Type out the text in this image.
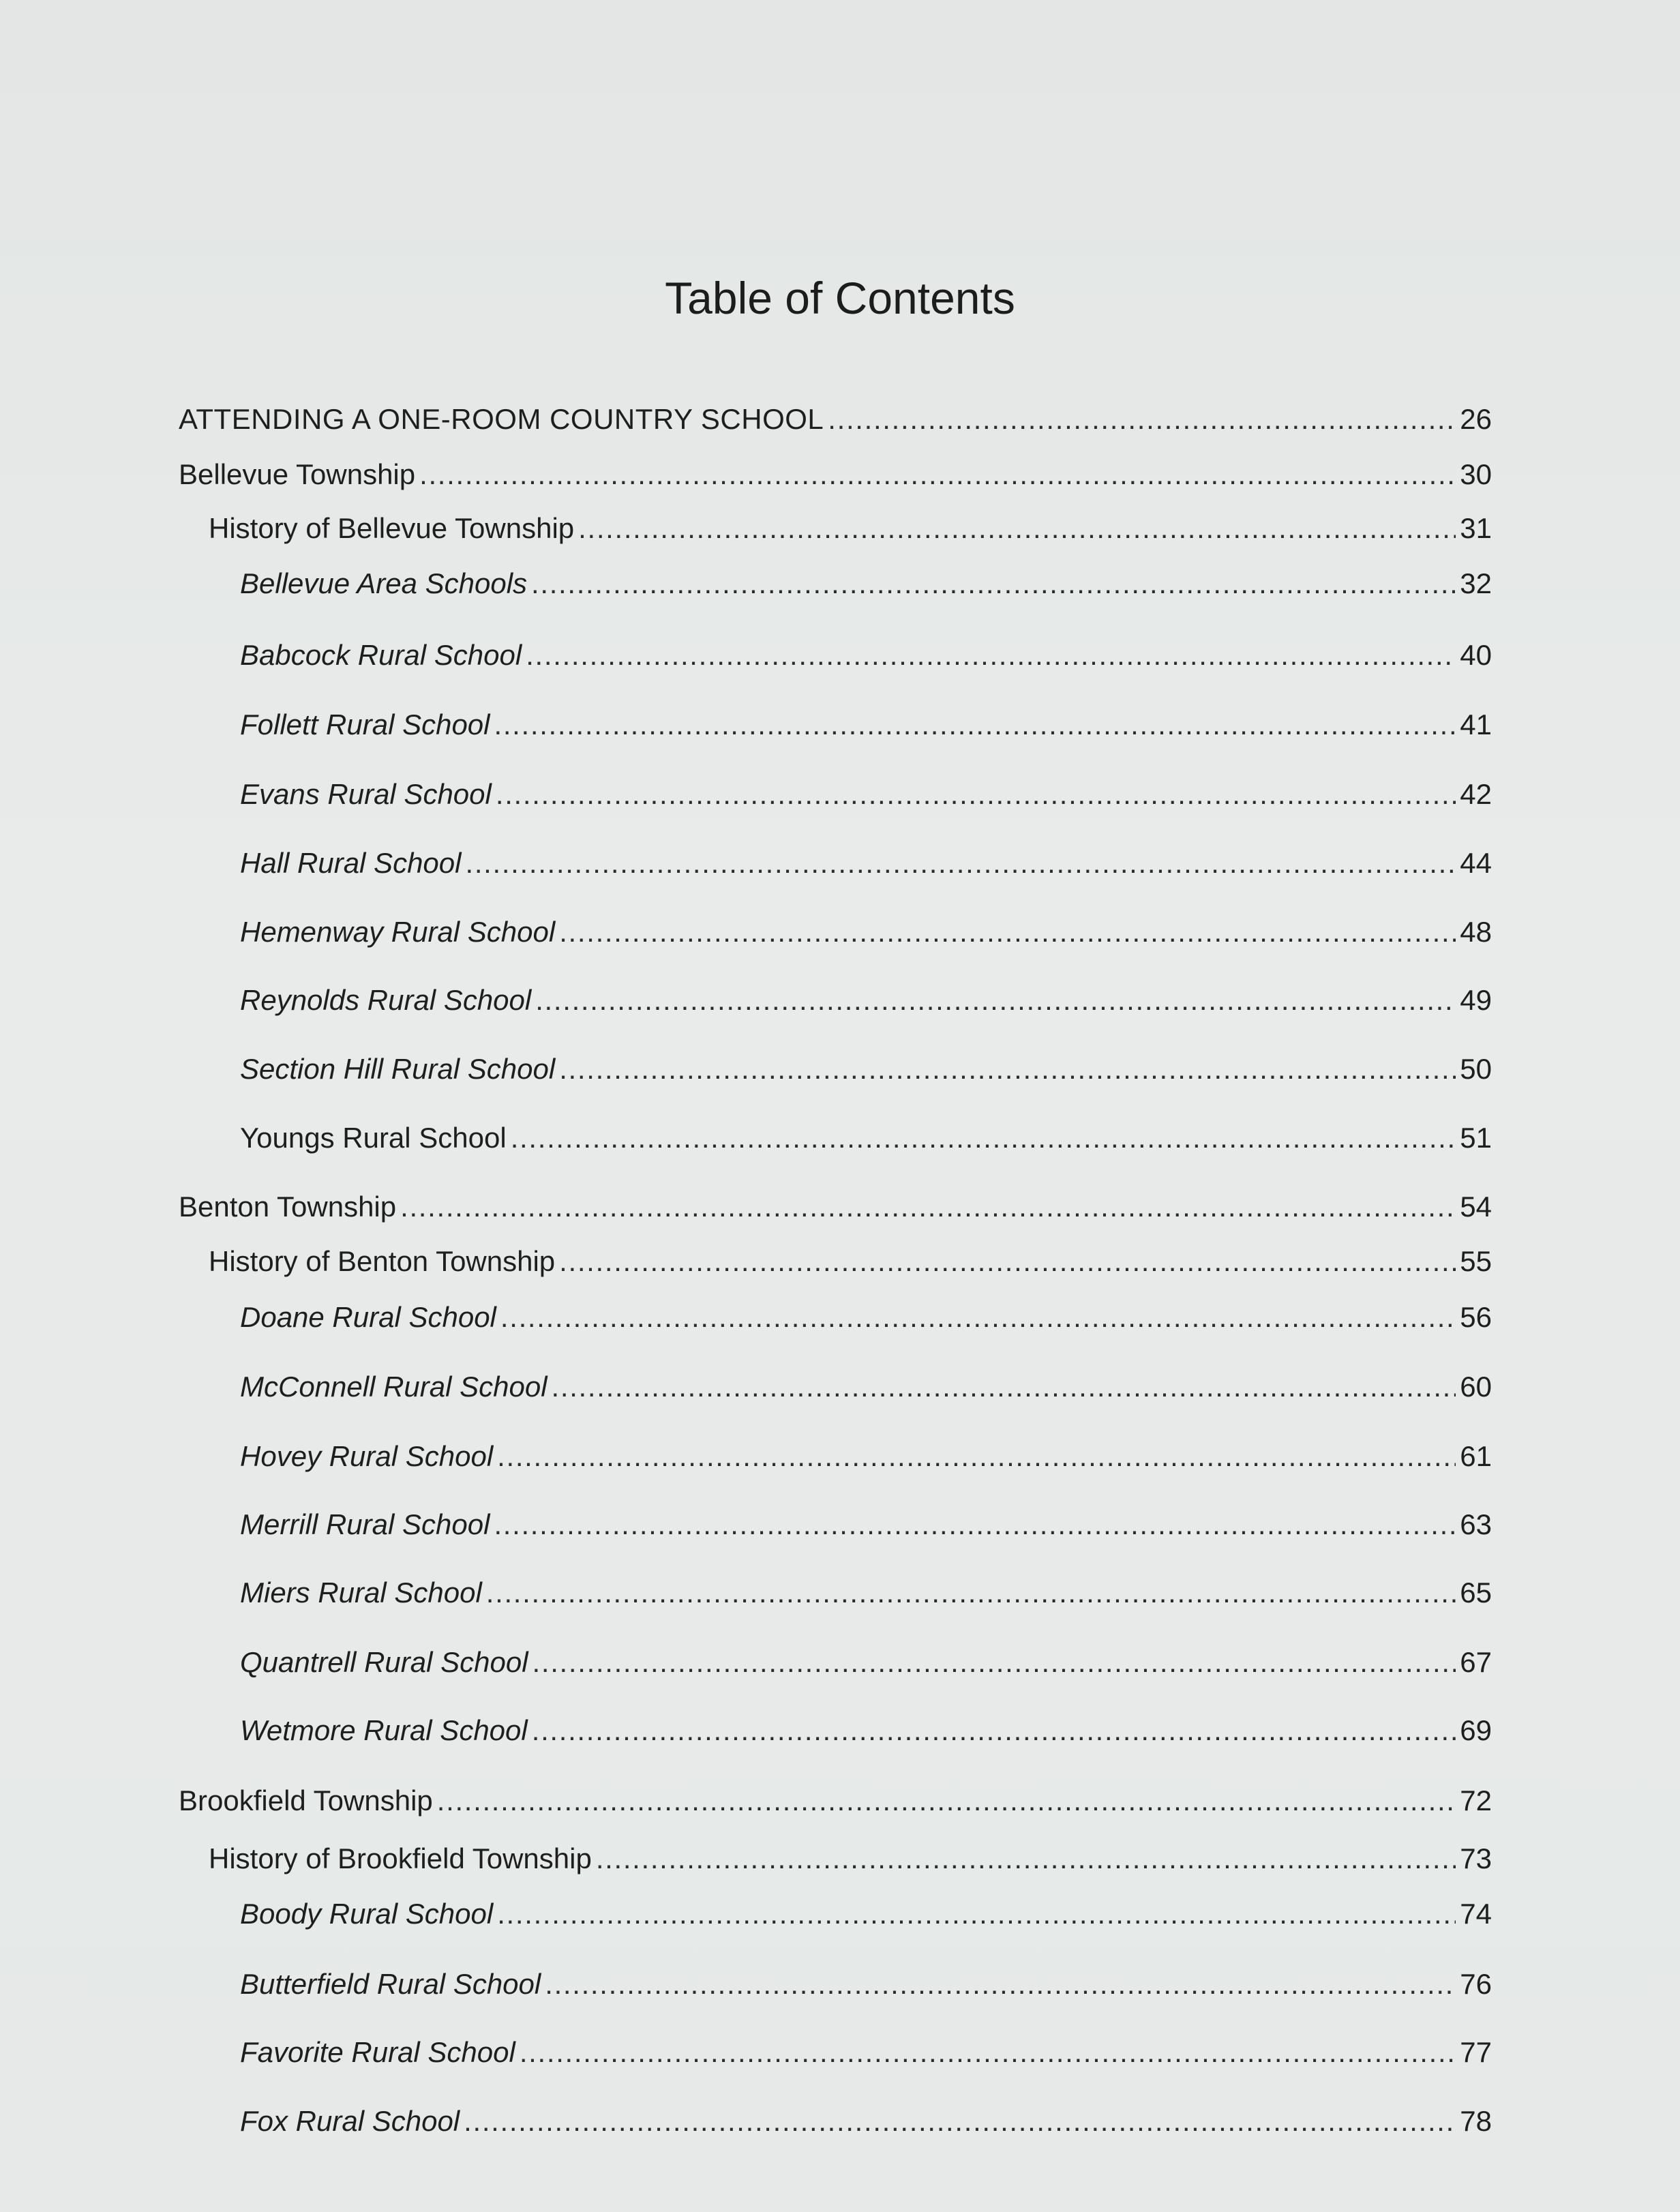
Table of Contents
ATTENDING A ONE-ROOM COUNTRY SCHOOL . . .	26
Bellevue Township . . .	30
History of Bellevue Township . . .	31
Bellevue Area Schools . . .	32
Babcock Rural School . . .	40
Follett Rural School . . .	41
Evans Rural School . . .	42
Hall Rural School . . .	44
Hemenway Rural School . . .	48
Reynolds Rural School . . .	49
Section Hill Rural School . . .	50
Youngs Rural School . . .	51
Benton Township . . .	54
History of Benton Township . . .	55
Doane Rural School . . .	56
McConnell Rural School . . .	60
Hovey Rural School . . .	61
Merrill Rural School . . .	63
Miers Rural School . . .	65
Quantrell Rural School . . .	67
Wetmore Rural School . . .	69
Brookfield Township . . .	72
History of Brookfield Township . . .	73
Boody Rural School . . .	74
Butterfield Rural School . . .	76
Favorite Rural School . . .	77
Fox Rural School . . .	78
